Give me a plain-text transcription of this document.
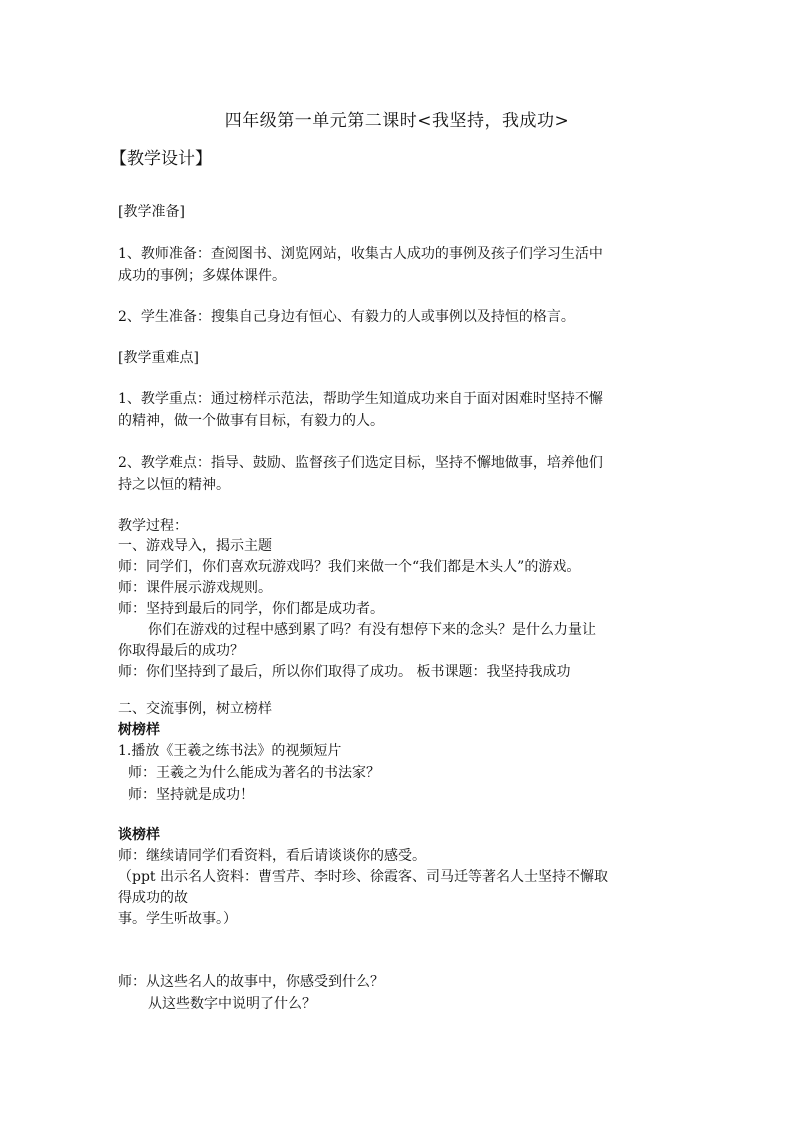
四年级第一单元第二课时<我坚持，我成功>
【教学设计】
[教学准备]
1、教师准备：查阅图书、浏览网站，收集古人成功的事例及孩子们学习生活中
成功的事例；多媒体课件。
2、学生准备：搜集自己身边有恒心、有毅力的人或事例以及持恒的格言。
[教学重难点]
1、教学重点：通过榜样示范法，帮助学生知道成功来自于面对困难时坚持不懈
的精神，做一个做事有目标，有毅力的人。
2、教学难点：指导、鼓励、监督孩子们选定目标，坚持不懈地做事，培养他们
持之以恒的精神。
教学过程：
一、游戏导入，揭示主题
师：同学们，你们喜欢玩游戏吗？我们来做一个“我们都是木头人”的游戏。
师：课件展示游戏规则。
师：坚持到最后的同学，你们都是成功者。
你们在游戏的过程中感到累了吗？有没有想停下来的念头？是什么力量让
你取得最后的成功？
师：你们坚持到了最后，所以你们取得了成功。 板书课题：我坚持我成功
二、交流事例，树立榜样
树榜样
1.播放《王羲之练书法》的视频短片
师：王羲之为什么能成为著名的书法家？
师：坚持就是成功！
谈榜样
师：继续请同学们看资料，看后请谈谈你的感受。
（ppt 出示名人资料：曹雪芹、李时珍、徐霞客、司马迁等著名人士坚持不懈取
得成功的故
事。学生听故事。）
师：从这些名人的故事中，你感受到什么？
从这些数字中说明了什么？
